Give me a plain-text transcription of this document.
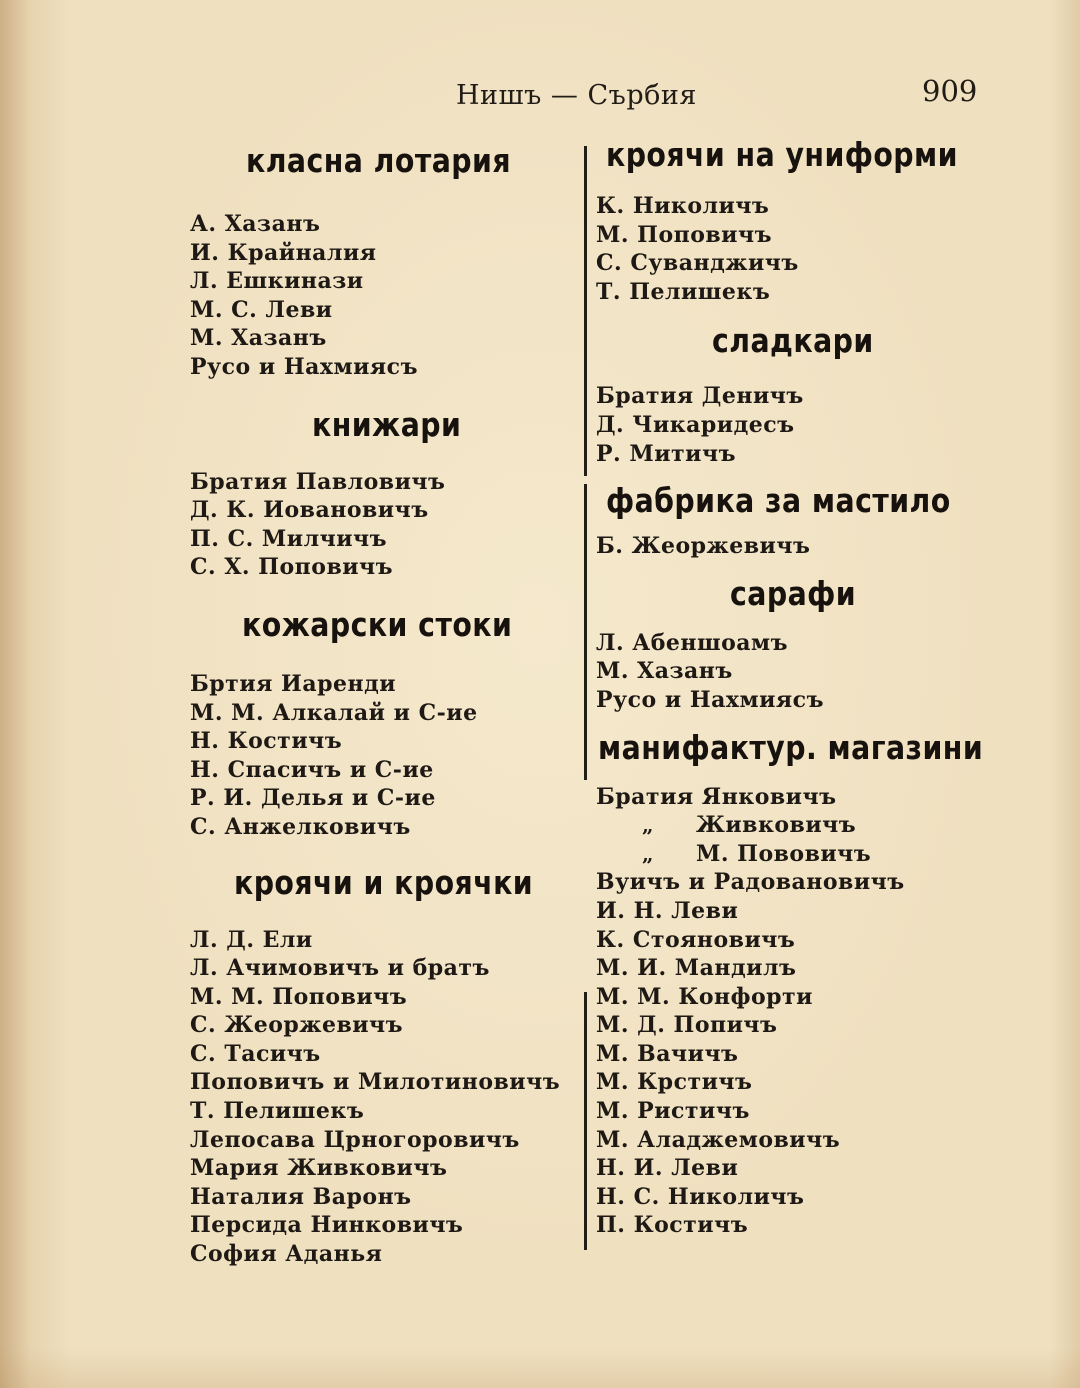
Нишъ — Сърбия	909
класна лотария
А. Хазанъ
И. Крайналия
Л. Ешкинази
М. С. Леви
М. Хазанъ
Русо и Нахмиясъ
книжари
Братия Павловичъ
Д. К. Иовановичъ
П. С. Милчичъ
С. Х. Поповичъ
кожарски стоки
Бртия Иаренди
М. М. Алкалай и С-ие
Н. Костичъ
Н. Спасичъ и С-ие
Р. И. Делья и С-ие
С. Анжелковичъ
кроячи и кроячки
Л. Д. Ели
Л. Ачимовичъ и братъ
М. М. Поповичъ
С. Жеоржевичъ
С. Тасичъ
Поповичъ и Милотиновичъ
Т. Пелишекъ
Лепосава Црногоровичъ
Мария Живковичъ
Наталия Варонъ
Персида Нинковичъ
София Аданья
кроячи на униформи
К. Николичъ
М. Поповичъ
С. Суванджичъ
Т. Пелишекъ
сладкари
Братия Деничъ
Д. Чикаридесъ
Р. Митичъ
фабрика за мастило
Б. Жеоржевичъ
сарафи
Л. Абеншоамъ
М. Хазанъ
Русо и Нахмиясъ
манифактур. магазини
Братия Янковичъ
„ Живковичъ
„ М. Пововичъ
Вуичъ и Радовановичъ
И. Н. Леви
К. Стояновичъ
М. И. Мандилъ
М. М. Конфорти
М. Д. Попичъ
М. Вачичъ
М. Крстичъ
М. Ристичъ
М. Аладжемовичъ
Н. И. Леви
Н. С. Николичъ
П. Костичъ
